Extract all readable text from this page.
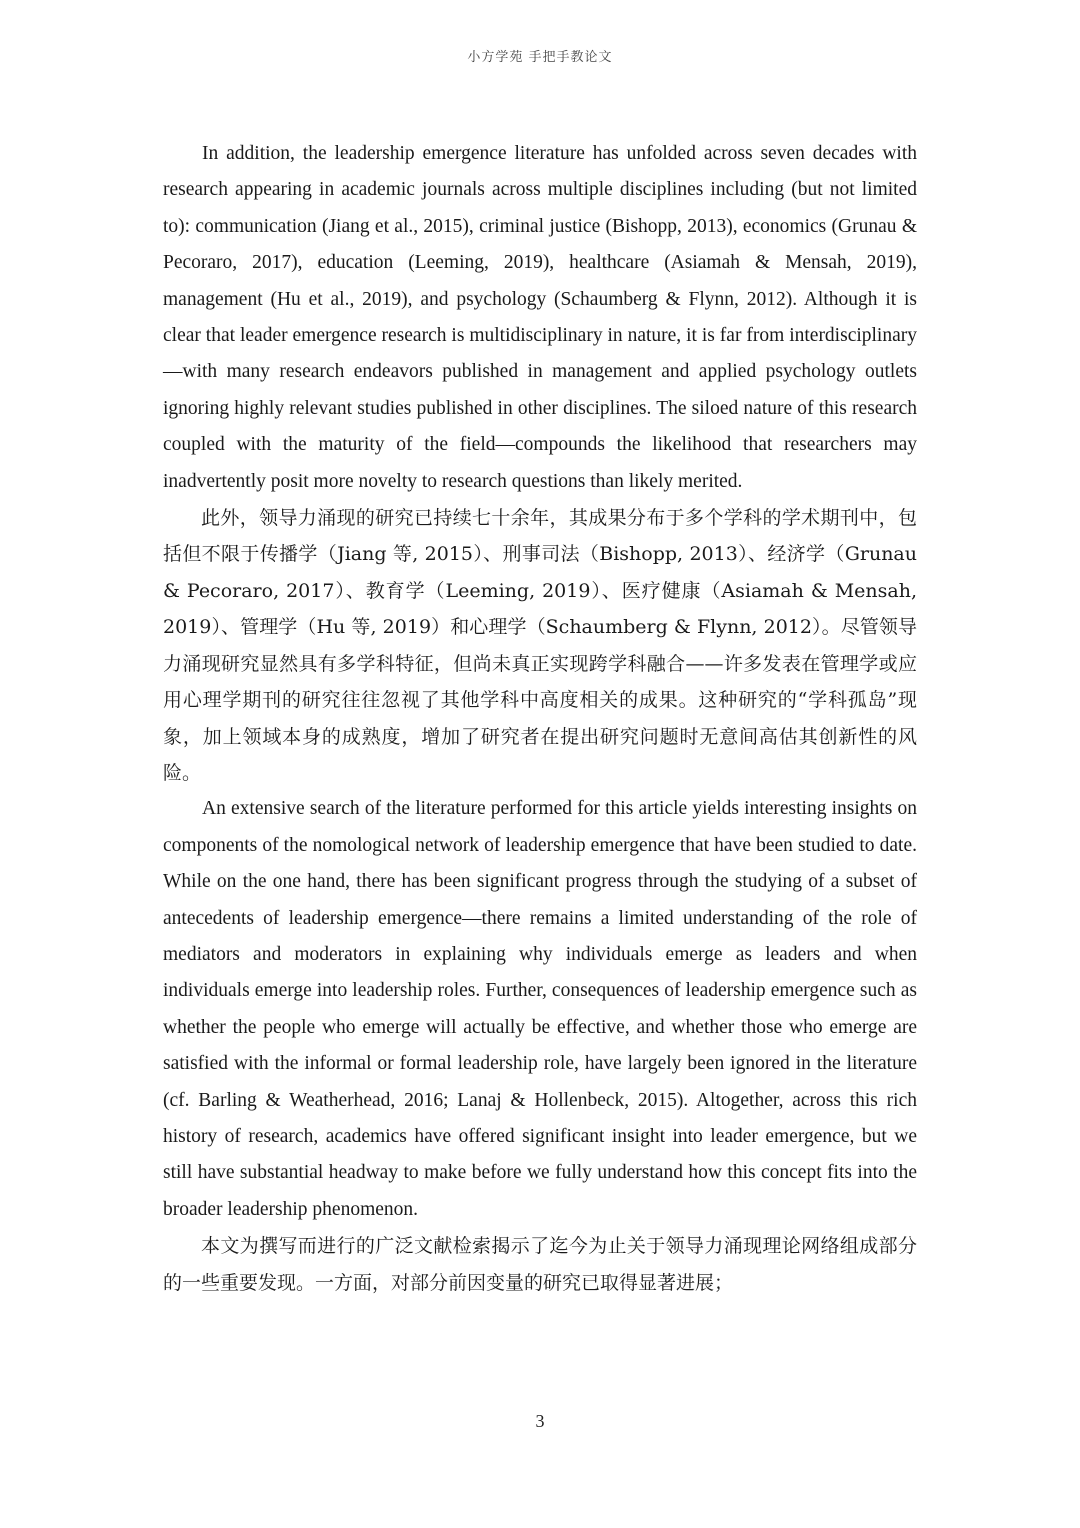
小方学苑 手把手教论文

In addition, the leadership emergence literature has unfolded across seven decades with research appearing in academic journals across multiple disciplines including (but not limited to): communication (Jiang et al., 2015), criminal justice (Bishopp, 2013), economics (Grunau & Pecoraro, 2017), education (Leeming, 2019), healthcare (Asiamah & Mensah, 2019), management (Hu et al., 2019), and psychology (Schaumberg & Flynn, 2012). Although it is clear that leader emergence research is multidisciplinary in nature, it is far from interdisciplinary—with many research endeavors published in management and applied psychology outlets ignoring highly relevant studies published in other disciplines. The siloed nature of this research coupled with the maturity of the field—compounds the likelihood that researchers may inadvertently posit more novelty to research questions than likely merited.

此外，领导力涌现的研究已持续七十余年，其成果分布于多个学科的学术期刊中，包括但不限于传播学（Jiang 等, 2015）、刑事司法（Bishopp, 2013）、经济学（Grunau & Pecoraro, 2017）、教育学（Leeming, 2019）、医疗健康（Asiamah & Mensah, 2019）、管理学（Hu 等, 2019）和心理学（Schaumberg & Flynn, 2012）。尽管领导力涌现研究显然具有多学科特征，但尚未真正实现跨学科融合——许多发表在管理学或应用心理学期刊的研究往往忽视了其他学科中高度相关的成果。这种研究的“学科孤岛”现象，加上领域本身的成熟度，增加了研究者在提出研究问题时无意间高估其创新性的风险。

An extensive search of the literature performed for this article yields interesting insights on components of the nomological network of leadership emergence that have been studied to date. While on the one hand, there has been significant progress through the studying of a subset of antecedents of leadership emergence—there remains a limited understanding of the role of mediators and moderators in explaining why individuals emerge as leaders and when individuals emerge into leadership roles. Further, consequences of leadership emergence such as whether the people who emerge will actually be effective, and whether those who emerge are satisfied with the informal or formal leadership role, have largely been ignored in the literature (cf. Barling & Weatherhead, 2016; Lanaj & Hollenbeck, 2015). Altogether, across this rich history of research, academics have offered significant insight into leader emergence, but we still have substantial headway to make before we fully understand how this concept fits into the broader leadership phenomenon.

本文为撰写而进行的广泛文献检索揭示了迄今为止关于领导力涌现理论网络组成部分的一些重要发现。一方面，对部分前因变量的研究已取得显著进展；

3
